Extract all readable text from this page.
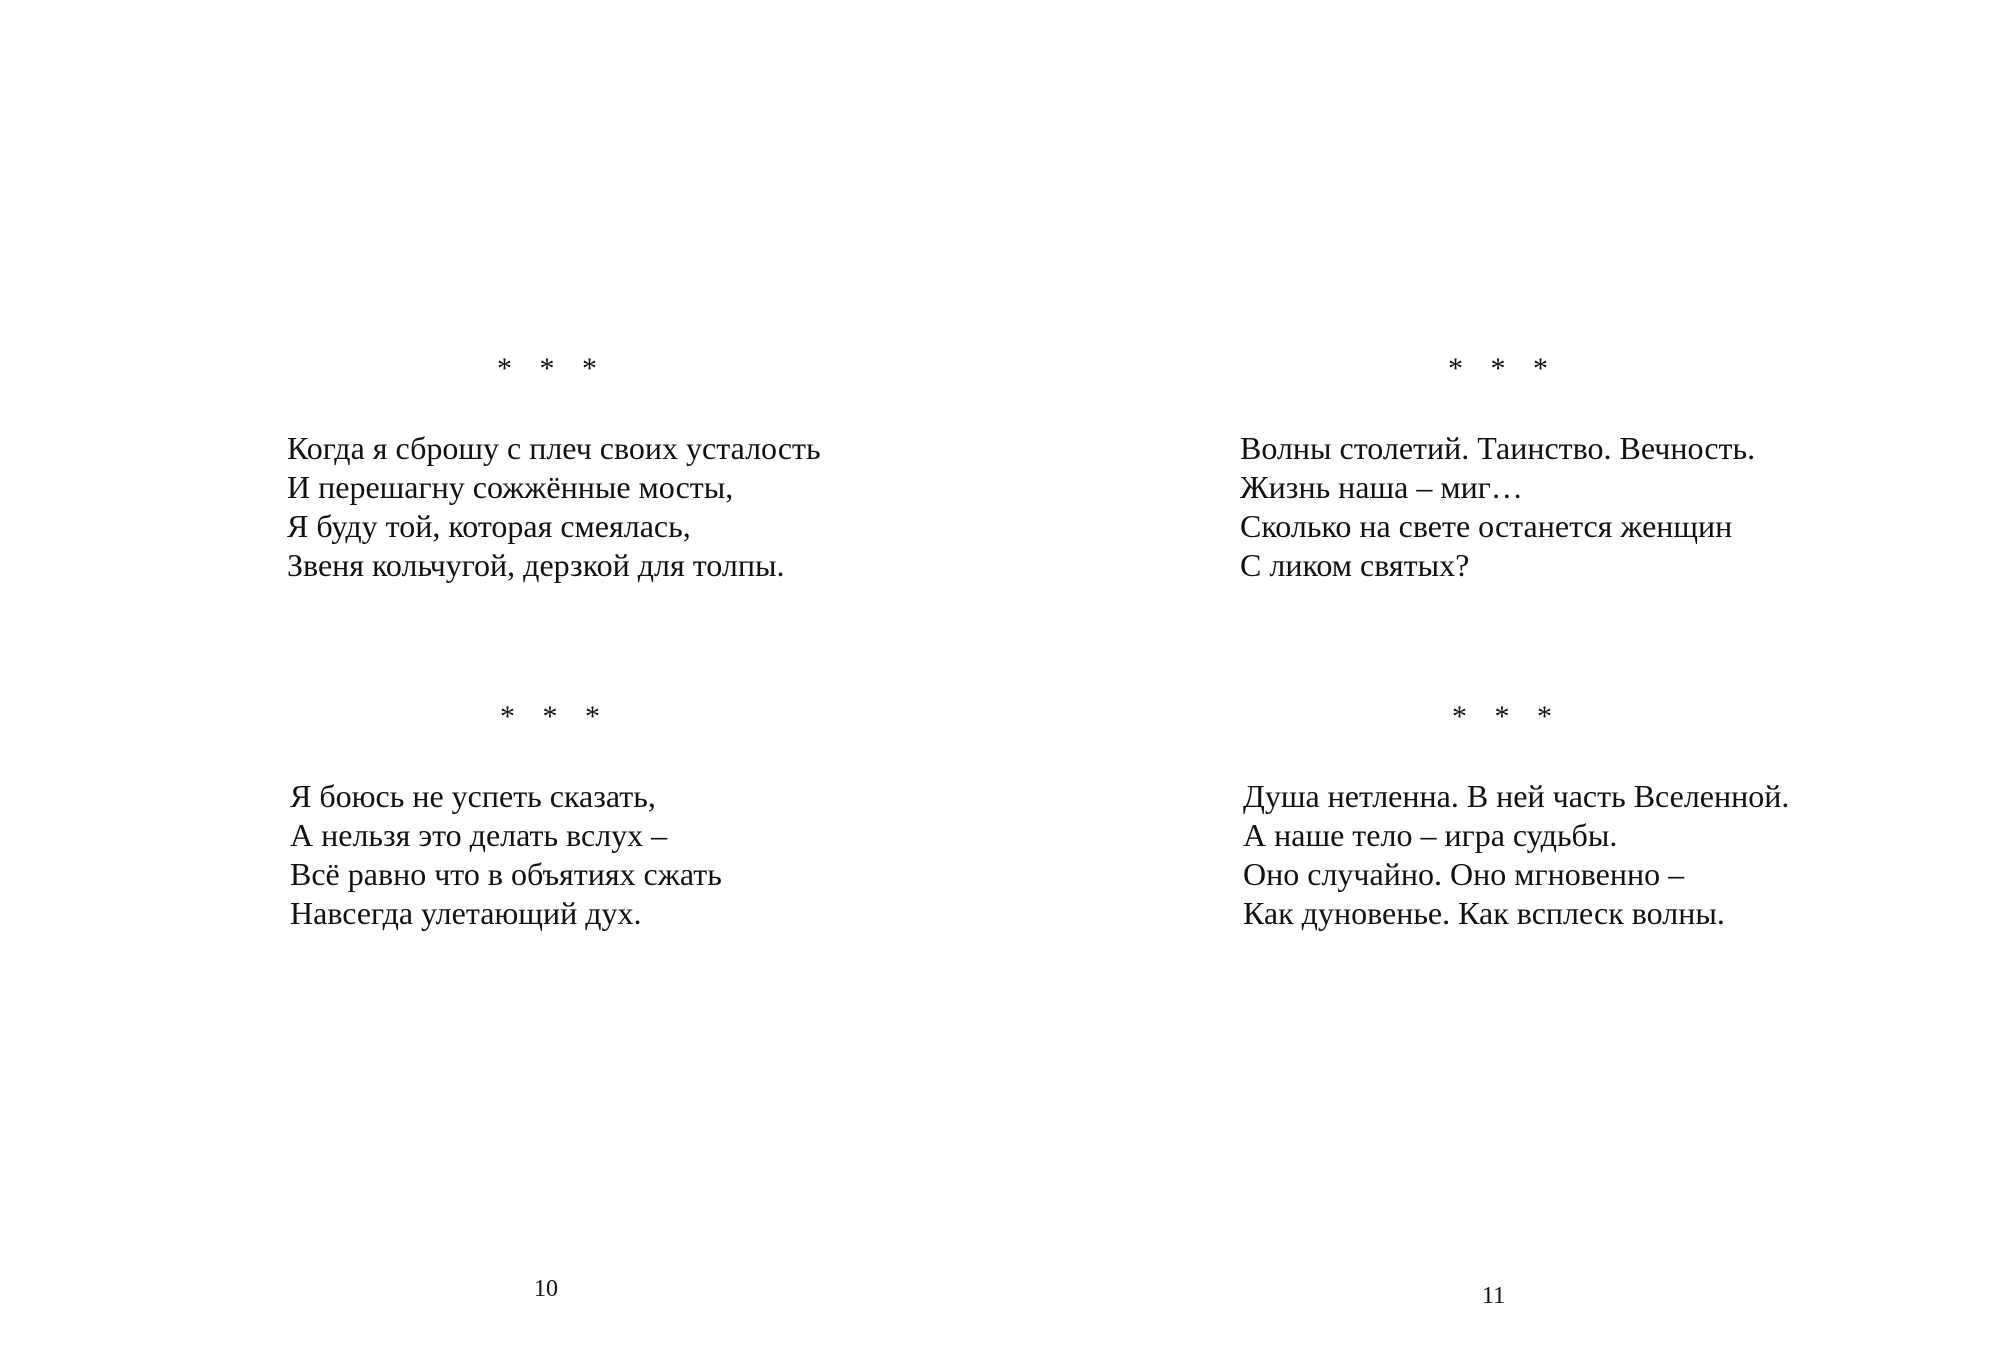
* * *
Когда я сброшу с плеч своих усталость
И перешагну сожжённые мосты,
Я буду той, которая смеялась,
Звеня кольчугой, дерзкой для толпы.
* * *
Я боюсь не успеть сказать,
А нельзя это делать вслух –
Всё равно что в объятиях сжать
Навсегда улетающий дух.
10
* * *
Волны столетий. Таинство. Вечность.
Жизнь наша – миг…
Сколько на свете останется женщин
С ликом святых?
* * *
Душа нетленна. В ней часть Вселенной.
А наше тело – игра судьбы.
Оно случайно. Оно мгновенно –
Как дуновенье. Как всплеск волны.
11
